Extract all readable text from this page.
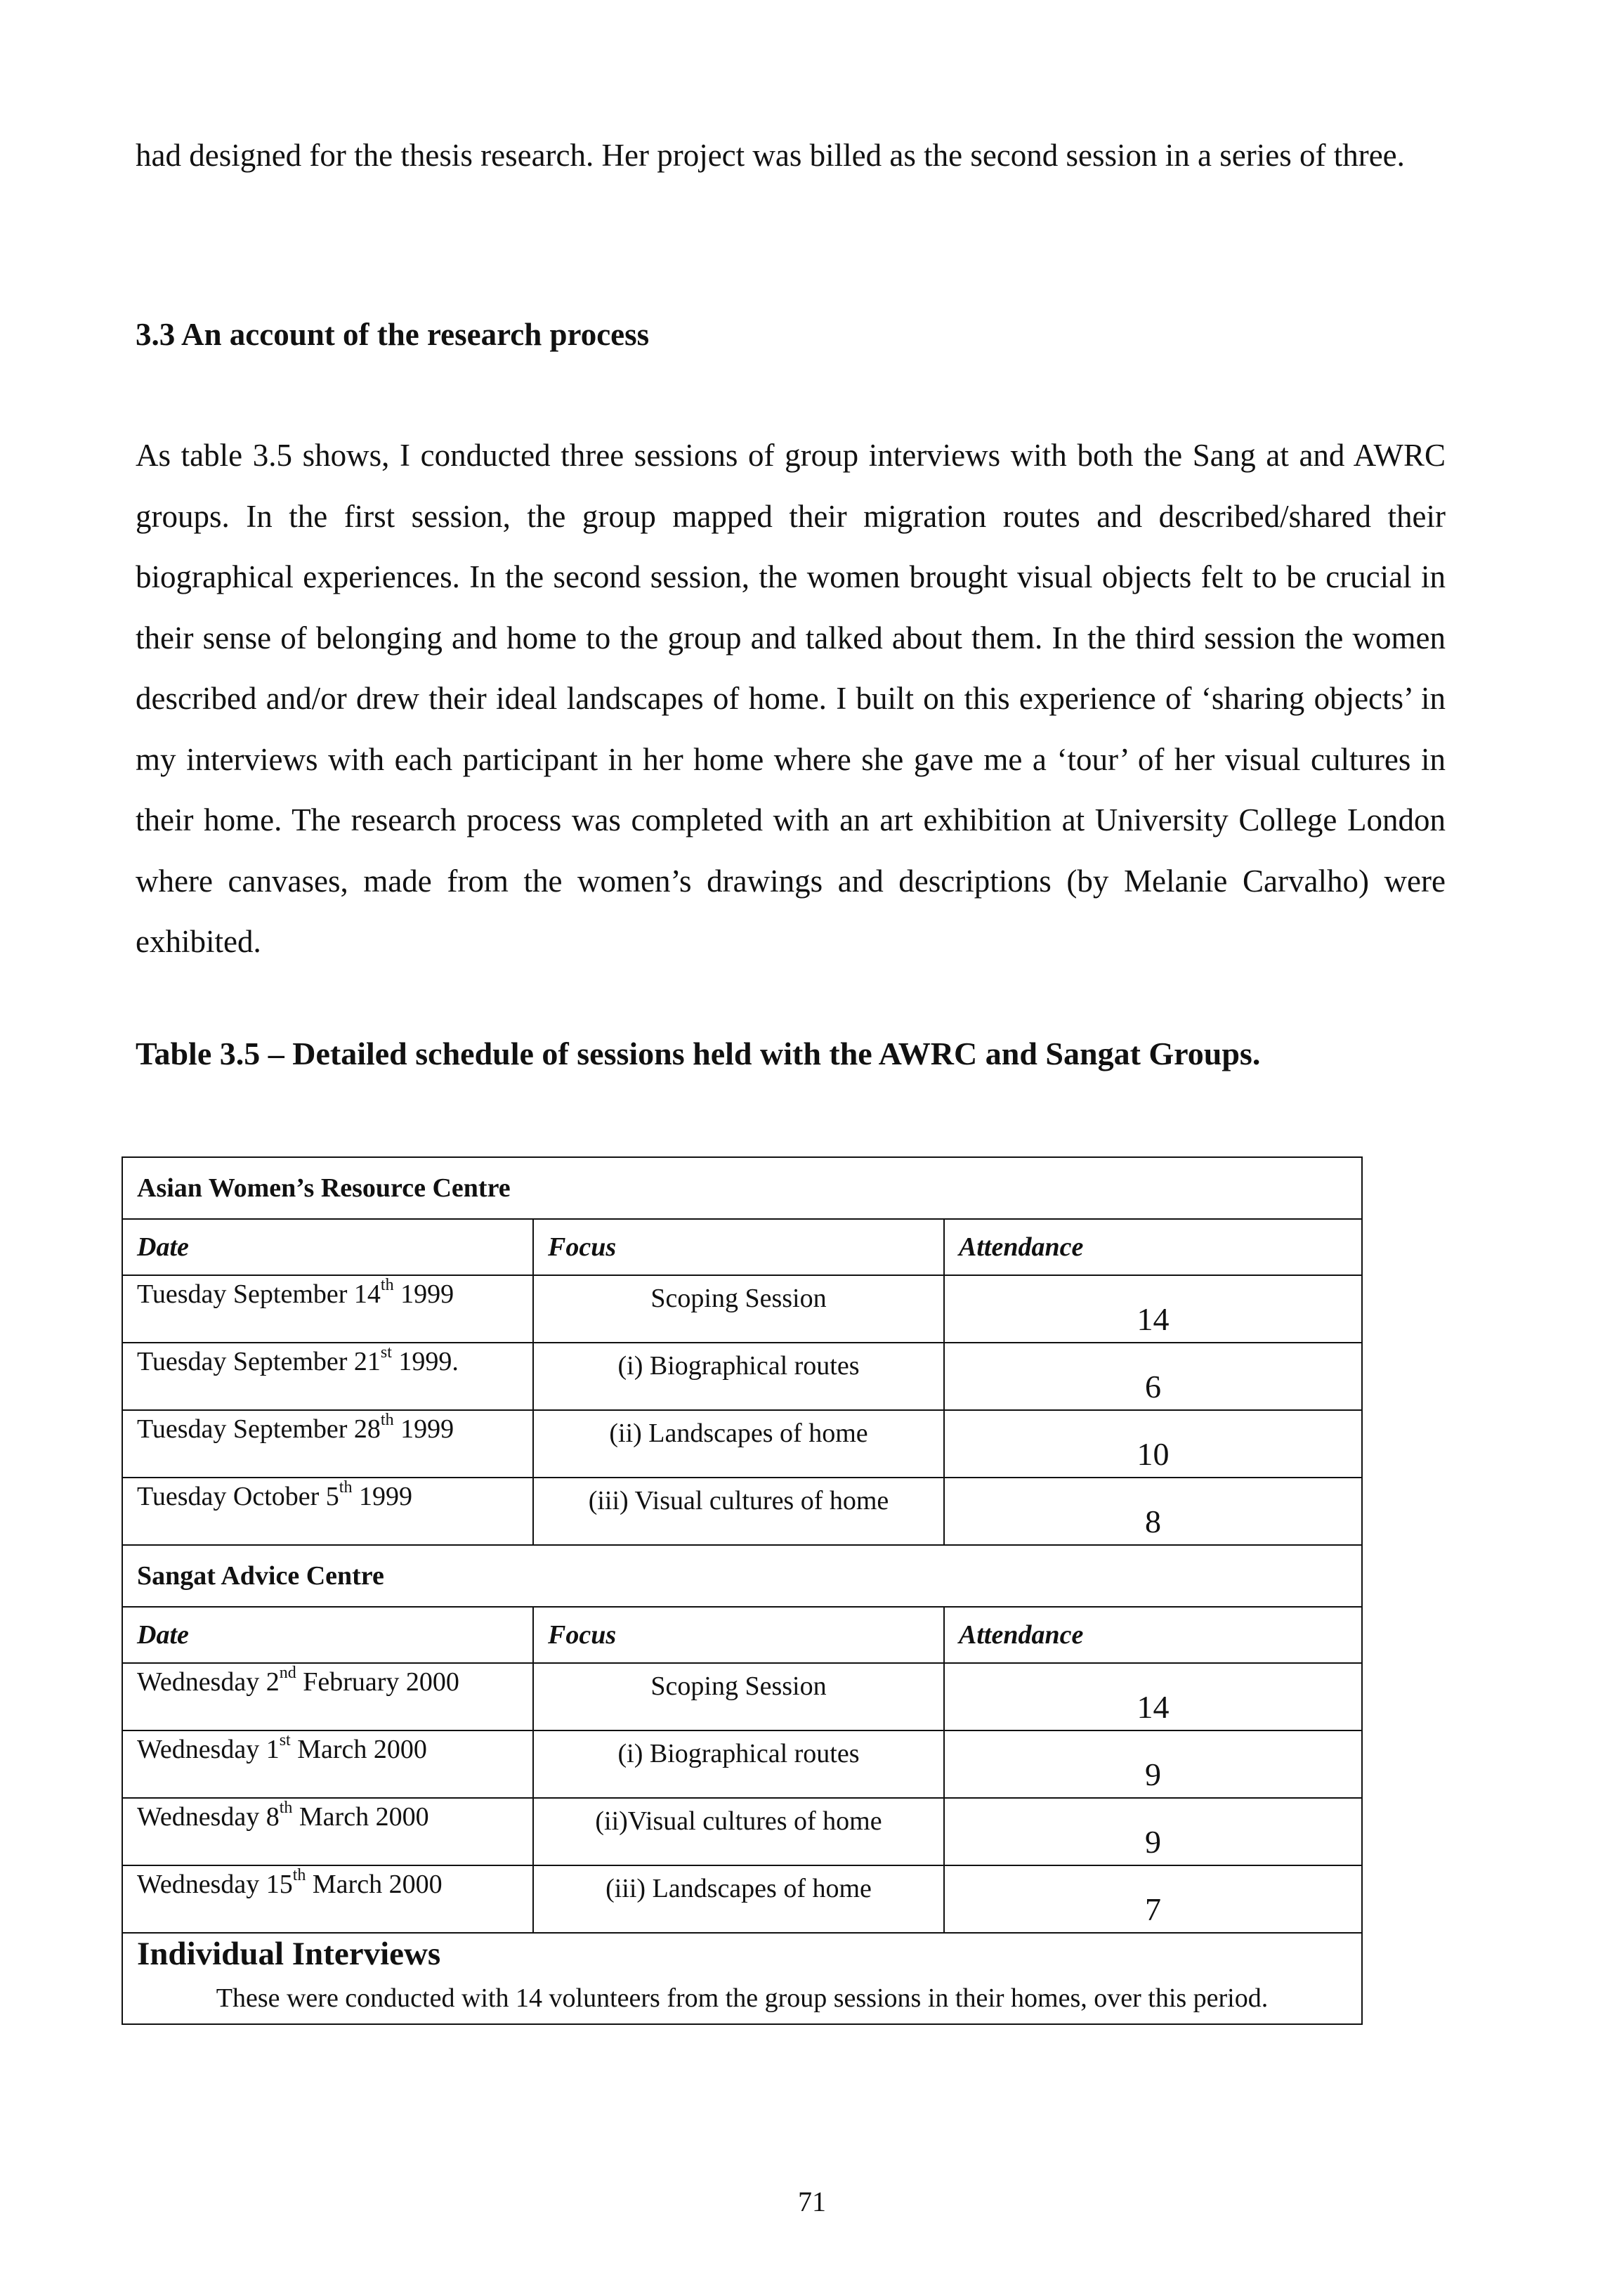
had designed for the thesis research. Her project was billed as the second session in a series of three.

3.3 An account of the research process

As table 3.5 shows, I conducted three sessions of group interviews with both the Sang at and AWRC groups. In the first session, the group mapped their migration routes and described/shared their biographical experiences. In the second session, the women brought visual objects felt to be crucial in their sense of belonging and home to the group and talked about them. In the third session the women described and/or drew their ideal landscapes of home. I built on this experience of ‘sharing objects’ in my interviews with each participant in her home where she gave me a ‘tour’ of her visual cultures in their home. The research process was completed with an art exhibition at University College London where canvases, made from the women’s drawings and descriptions (by Melanie Carvalho) were exhibited.

Table 3.5 – Detailed schedule of sessions held with the AWRC and Sangat Groups.

Asian Women’s Resource Centre		
Date	Focus	Attendance
Tuesday September 14th 1999	Scoping Session	14
Tuesday September 21st 1999.	(i) Biographical routes	6
Tuesday September 28th 1999	(ii) Landscapes of home	10
Tuesday October 5th 1999	(iii) Visual cultures of home	8
Sangat Advice Centre		
Date	Focus	Attendance
Wednesday 2nd February 2000	Scoping Session	14
Wednesday 1st March 2000	(i) Biographical routes	9
Wednesday 8th March 2000	(ii)Visual cultures of home	9
Wednesday 15th March 2000	(iii) Landscapes of home	7

Individual Interviews
These were conducted with 14 volunteers from the group sessions in their homes, over this period.		

71
